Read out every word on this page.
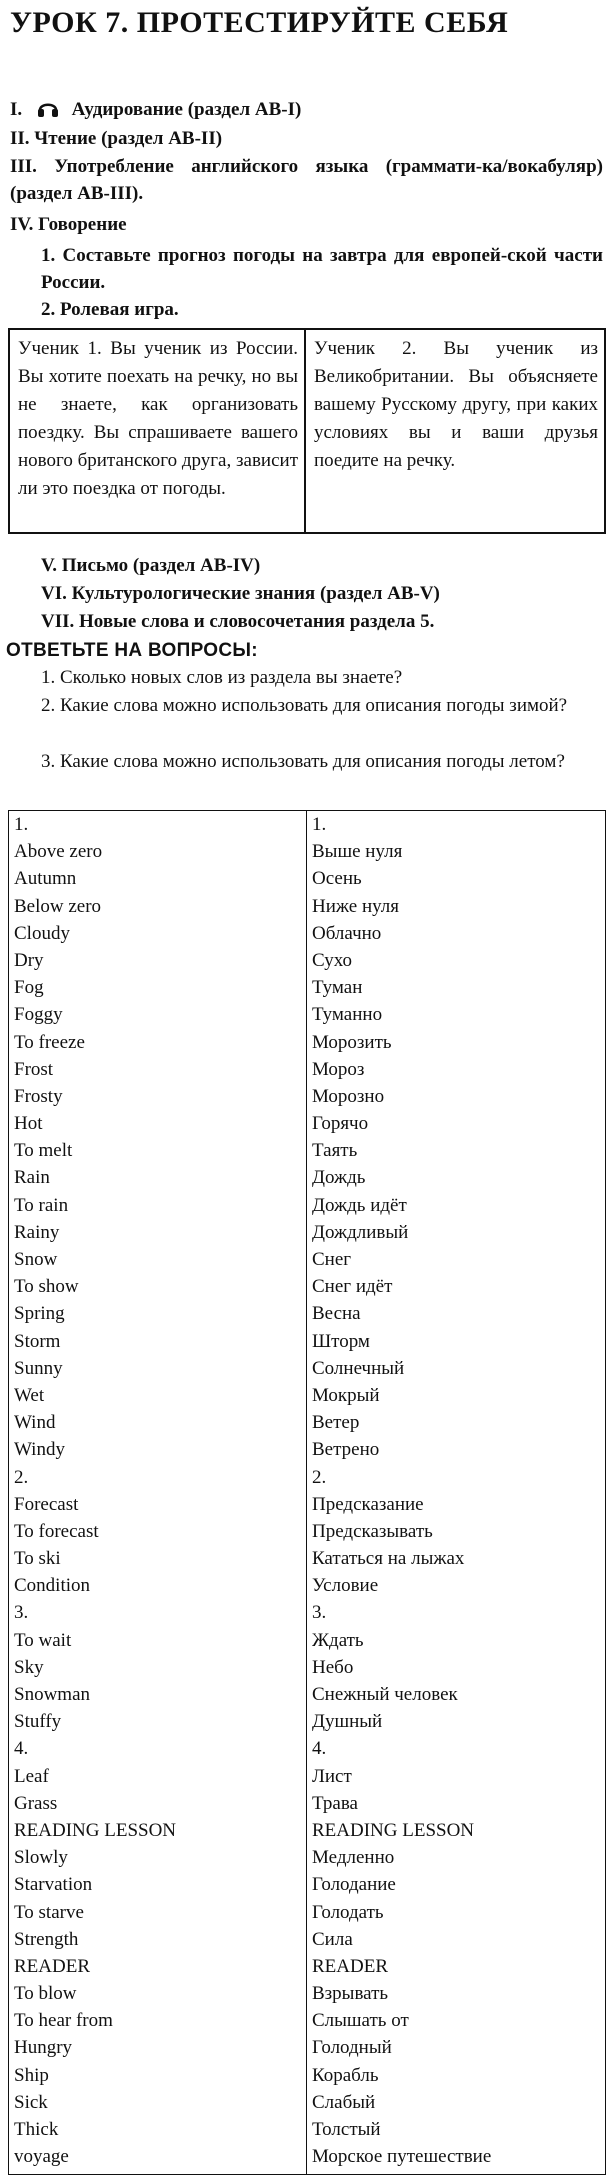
УРОК 7. ПРОТЕСТИРУЙТЕ СЕБЯ
I.	Аудирование (раздел АВ-I)
II. Чтение (раздел АВ-II)
III. Употребление английского языка (граммати-ка/вокабуляр) (раздел АВ-III).
IV. Говорение
1. Составьте прогноз погоды на завтра для европей-ской части России.
2. Ролевая игра.
Ученик 1. Вы ученик из России. Вы хотите поехать на речку, но вы не знаете, как организовать поездку. Вы спрашиваете вашего нового британского друга, зависит ли это поездка от погоды.
Ученик 2. Вы ученик из Великобритании. Вы объясняете вашему Русскому другу, при каких условиях вы и ваши друзья поедите на речку.
V. Письмо (раздел АВ-IV)
VI. Культурологические знания (раздел АВ-V)
VII. Новые слова и словосочетания раздела 5.
ОТВЕТЬТЕ НА ВОПРОСЫ:
1. Сколько новых слов из раздела вы знаете?
2. Какие слова можно использовать для описания погоды зимой?
3. Какие слова можно использовать для описания погоды летом?
1.
Above zero
Autumn
Below zero
Cloudy
Dry
Fog
Foggy
To freeze
Frost
Frosty
Hot
To melt
Rain
To rain
Rainy
Snow
To show
Spring
Storm
Sunny
Wet
Wind
Windy
2.
Forecast
To forecast
To ski
Condition
3.
To wait
Sky
Snowman
Stuffy
4.
Leaf
Grass
READING LESSON
Slowly
Starvation
To starve
Strength
READER
To blow
To hear from
Hungry
Ship
Sick
Thick
voyage
1.
Выше нуля
Осень
Ниже нуля
Облачно
Сухо
Туман
Туманно
Морозить
Мороз
Морозно
Горячо
Таять
Дождь
Дождь идёт
Дождливый
Снег
Снег идёт
Весна
Шторм
Солнечный
Мокрый
Ветер
Ветрено
2.
Предсказание
Предсказывать
Кататься на лыжах
Условие
3.
Ждать
Небо
Снежный человек
Душный
4.
Лист
Трава
READING LESSON
Медленно
Голодание
Голодать
Сила
READER
Взрывать
Слышать от
Голодный
Корабль
Слабый
Толстый
Морское путешествие
